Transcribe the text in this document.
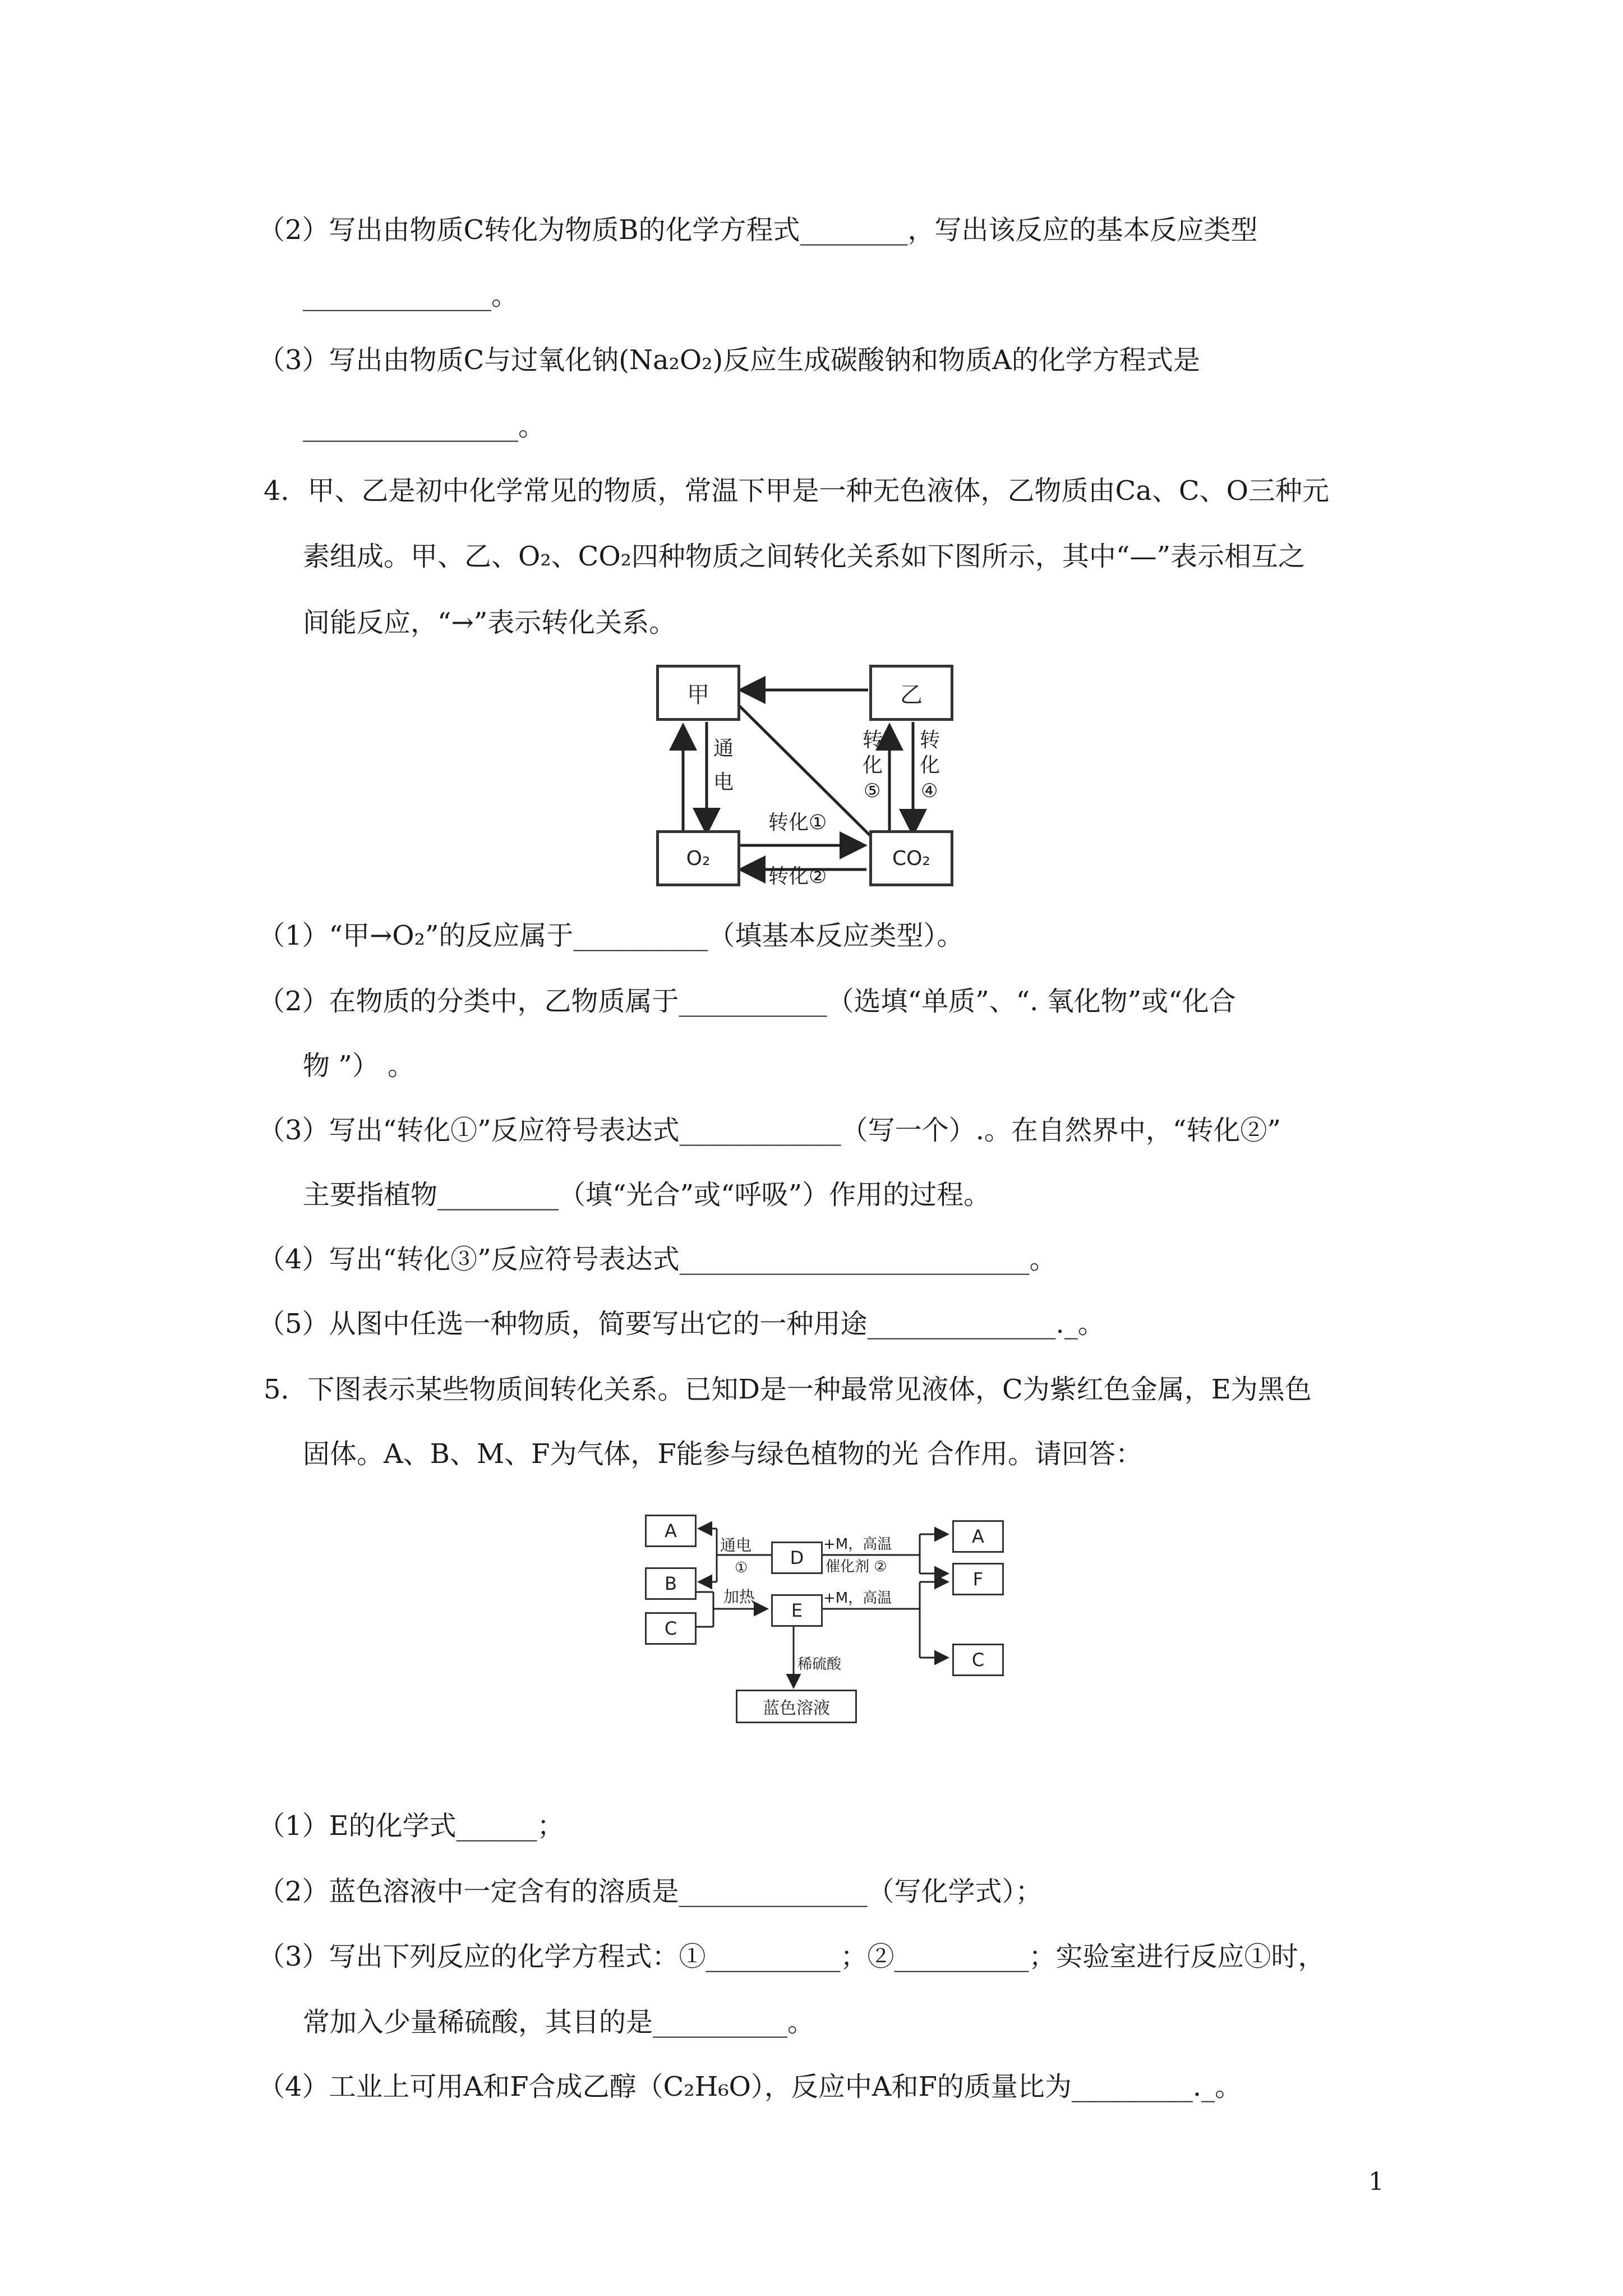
（2）写出由物质C转化为物质B的化学方程式________，写出该反应的基本反应类型
______________。
（3）写出由物质C与过氧化钠(Na₂O₂)反应生成碳酸钠和物质A的化学方程式是
________________。
4．甲、乙是初中化学常见的物质，常温下甲是一种无色液体，乙物质由Ca、C、O三种元
素组成。甲、乙、O₂、CO₂四种物质之间转化关系如下图所示，其中“—”表示相互之
间能反应，“→”表示转化关系。
甲	乙
O₂	CO₂
通
电
转化①
转化②
转
化
⑤
转
化
④
（1）“甲→O₂”的反应属于__________（填基本反应类型）。
（2）在物质的分类中，乙物质属于___________（选填“单质”、“. 氧化物”或“化合
物 ”） 。
（3）写出“转化①”反应符号表达式____________（写一个）.。在自然界中，“转化②”
主要指植物_________（填“光合”或“呼吸”）作用的过程。
（4）写出“转化③”反应符号表达式__________________________。
（5）从图中任选一种物质，简要写出它的一种用途______________._。
5．下图表示某些物质间转化关系。已知D是一种最常见液体，C为紫红色金属，E为黑色
固体。A、B、M、F为气体，F能参与绿色植物的光 合作用。请回答：
A
B
C
D
E
A
F
C
蓝色溶液
通电
①
加热
+M，高温
催化剂 ②
+M，高温
稀硫酸
（1）E的化学式______；
（2）蓝色溶液中一定含有的溶质是______________（写化学式）；
（3）写出下列反应的化学方程式：①__________；②__________；实验室进行反应①时，
常加入少量稀硫酸，其目的是__________。
（4）工业上可用A和F合成乙醇（C₂H₆O），反应中A和F的质量比为_________._。
1
